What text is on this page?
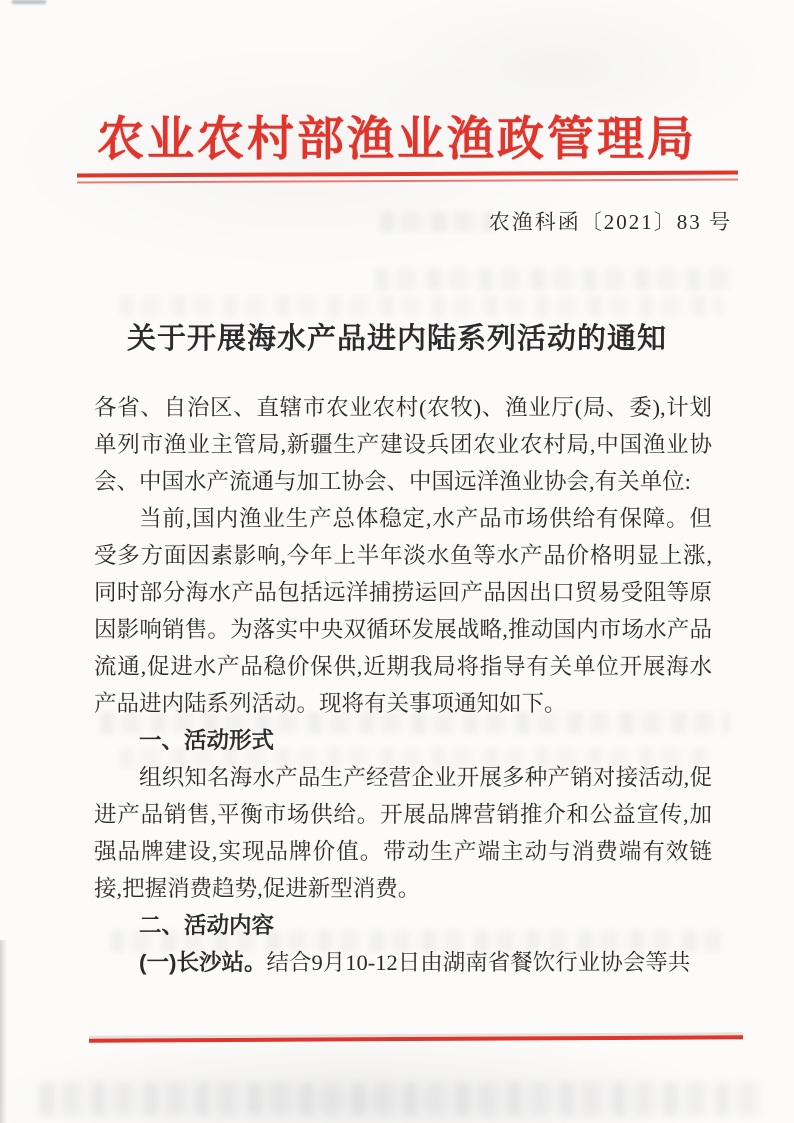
农业农村部渔业渔政管理局
农渔科函〔2021〕83 号
关于开展海水产品进内陆系列活动的通知

各省、自治区、直辖市农业农村(农牧)、渔业厅(局、委),计划单列市渔业主管局,新疆生产建设兵团农业农村局,中国渔业协会、中国水产流通与加工协会、中国远洋渔业协会,有关单位:

当前,国内渔业生产总体稳定,水产品市场供给有保障。但受多方面因素影响,今年上半年淡水鱼等水产品价格明显上涨,同时部分海水产品包括远洋捕捞运回产品因出口贸易受阻等原因影响销售。为落实中央双循环发展战略,推动国内市场水产品流通,促进水产品稳价保供,近期我局将指导有关单位开展海水产品进内陆系列活动。现将有关事项通知如下。

一、活动形式

组织知名海水产品生产经营企业开展多种产销对接活动,促进产品销售,平衡市场供给。开展品牌营销推介和公益宣传,加强品牌建设,实现品牌价值。带动生产端主动与消费端有效链接,把握消费趋势,促进新型消费。

二、活动内容

(一)长沙站。结合9月10-12日由湖南省餐饮行业协会等共
